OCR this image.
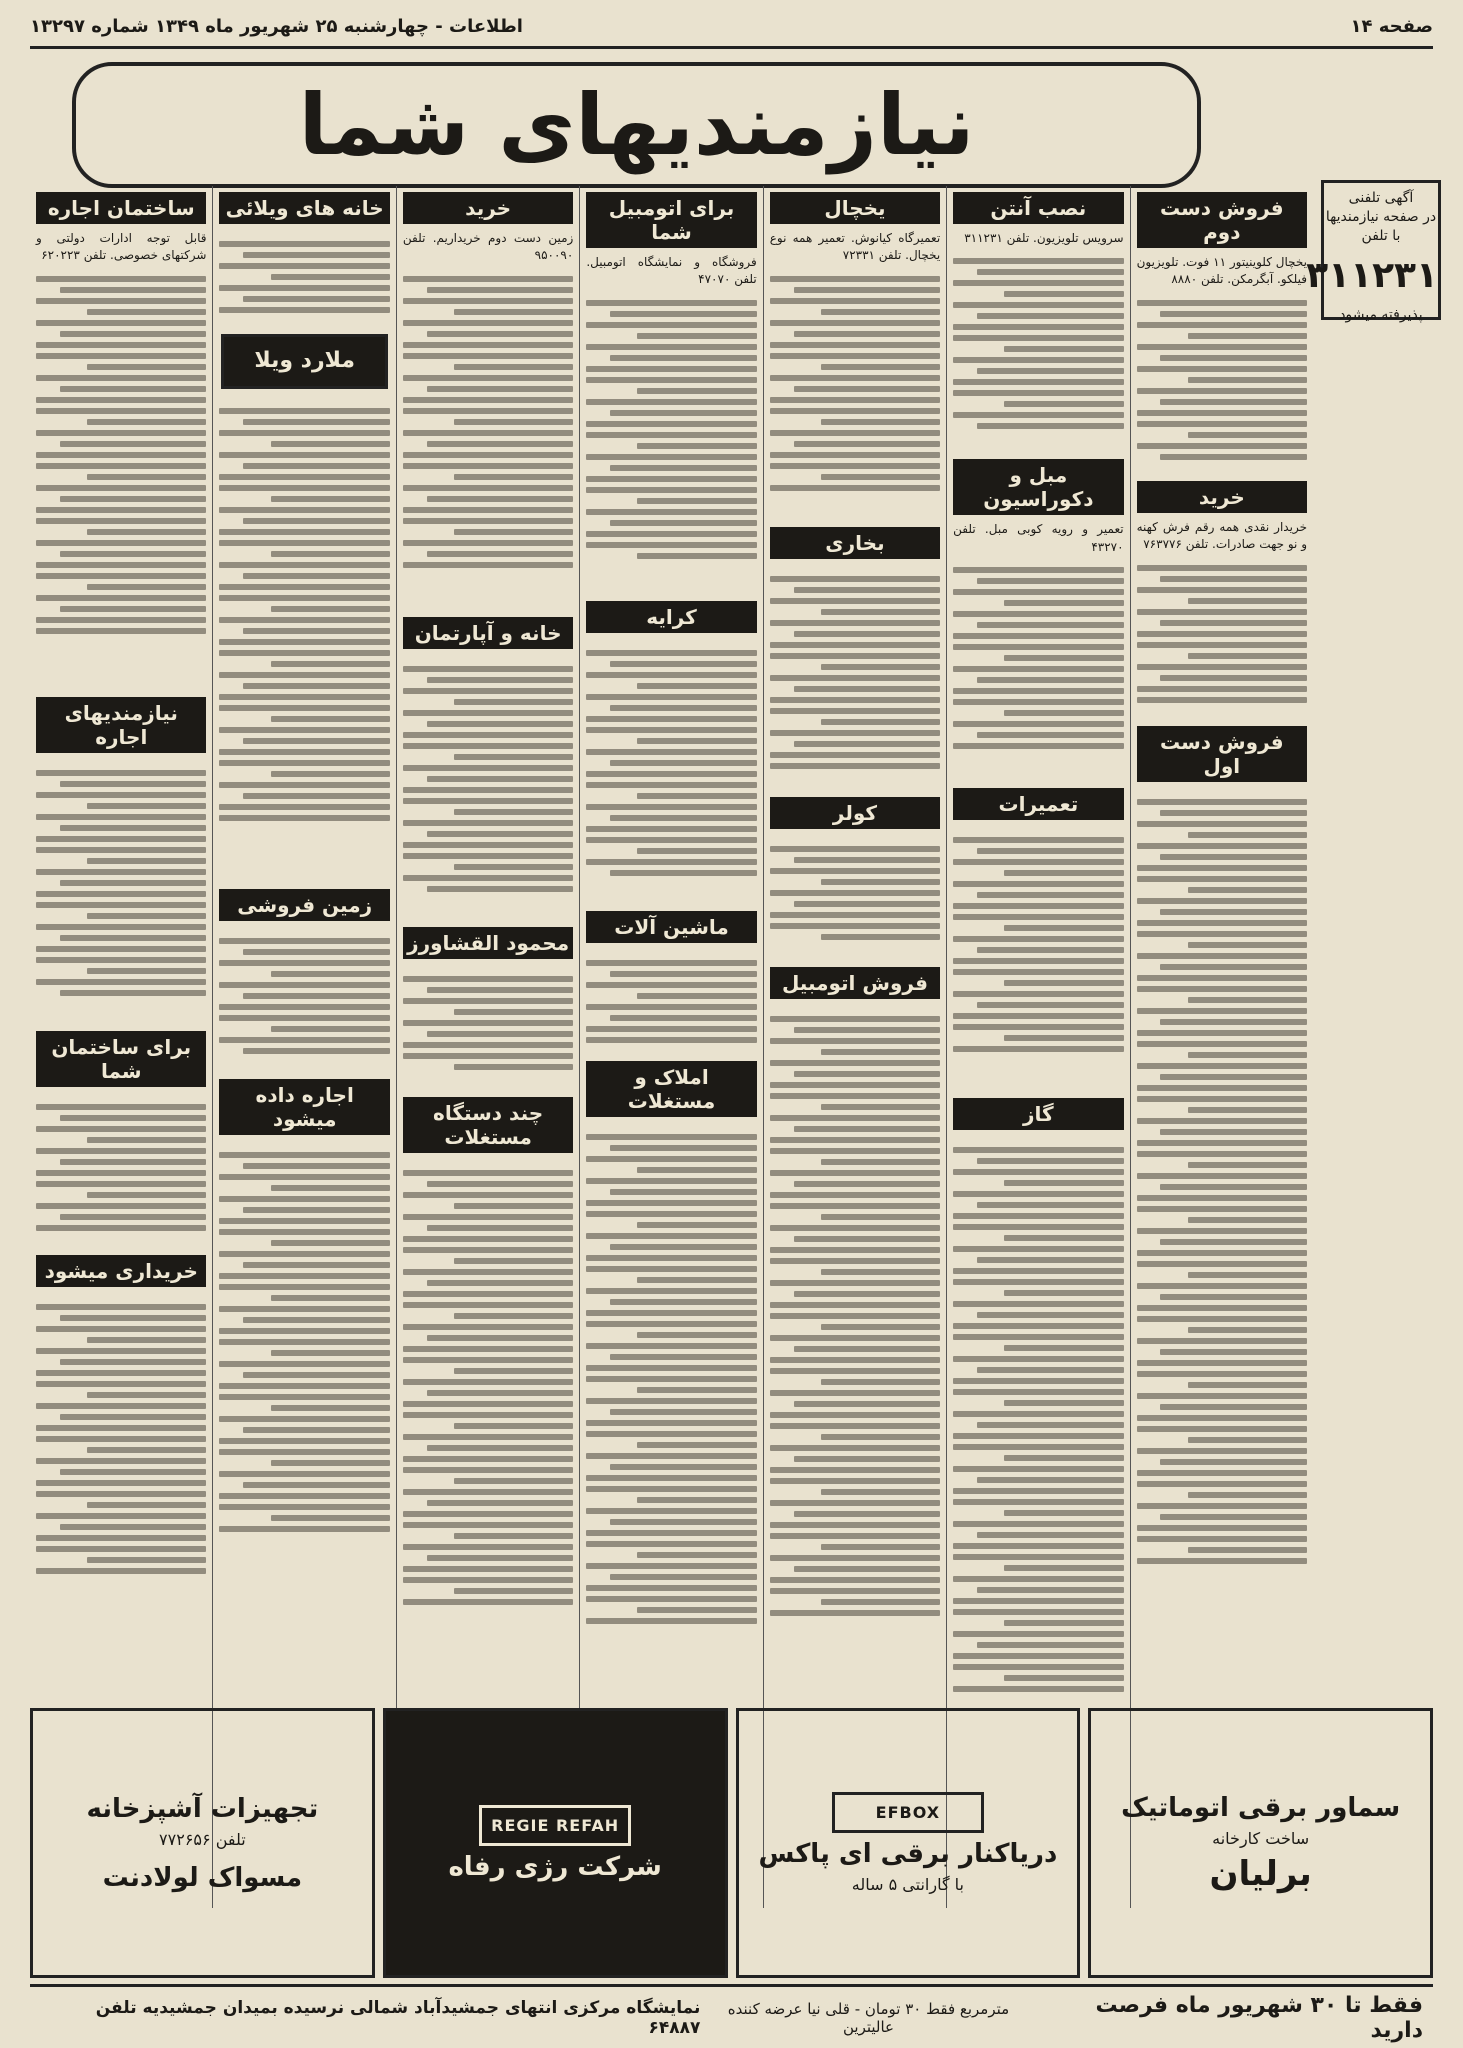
صفحه ۱۴
اطلاعات - چهارشنبه ۲۵ شهریور ماه ۱۳۴۹ شماره ۱۳۲۹۷
نیازمندیهای شما
آگهی تلفنی
در صفحه نیازمندیها
با تلفن
۳۱۱۲۳۱
پذیرفته میشود
فروش دست دوم
یخچال کلوینیتور ۱۱ فوت. تلویزیون فیلکو. آبگرمکن. تلفن ۸۸۸۰
خرید
خریدار نقدی همه رقم فرش کهنه و نو جهت صادرات. تلفن ۷۶۳۷۷۶
فروش دست اول
نصب آنتن
سرویس تلویزیون. تلفن ۳۱۱۲۳۱
مبل و دکوراسیون
تعمیر و رویه کوبی مبل. تلفن ۴۳۲۷۰
تعمیرات
گاز
یخچال
تعمیرگاه کیانوش. تعمیر همه نوع یخچال. تلفن ۷۲۳۳۱
بخاری
کولر
فروش اتومبیل
برای اتومبیل شما
فروشگاه و نمایشگاه اتومبیل. تلفن ۴۷۰۷۰
کرایه
ماشین آلات
املاک و مستغلات
خرید
زمین دست دوم خریداریم. تلفن ۹۵۰۰۹۰
خانه و آپارتمان
محمود القشاورز
چند دستگاه مستغلات
خانه های ویلائی
ملارد ویلا
زمین فروشی
اجاره داده میشود
ساختمان اجاره
قابل توجه ادارات دولتی و شرکتهای خصوصی. تلفن ۶۲۰۲۲۳
نیازمندیهای اجاره
برای ساختمان شما
خریداری میشود
سماور برقی اتوماتیک
ساخت کارخانه
برلیان
EFBOX
دریاکنار برقی ای پاکس
با گارانتی ۵ ساله
REGIE REFAH
شرکت رژی رفاه
تجهیزات آشپزخانه
تلفن ۷۷۲۶۵۶
مسواک لولادنت
فقط تا ۳۰ شهریور ماه فرصت دارید
مترمربع فقط ۳۰ تومان - قلی نیا عرضه کننده عالیترین
نمایشگاه مرکزی انتهای جمشیدآباد شمالی نرسیده بمیدان جمشیدیه تلفن ۶۴۸۸۷
